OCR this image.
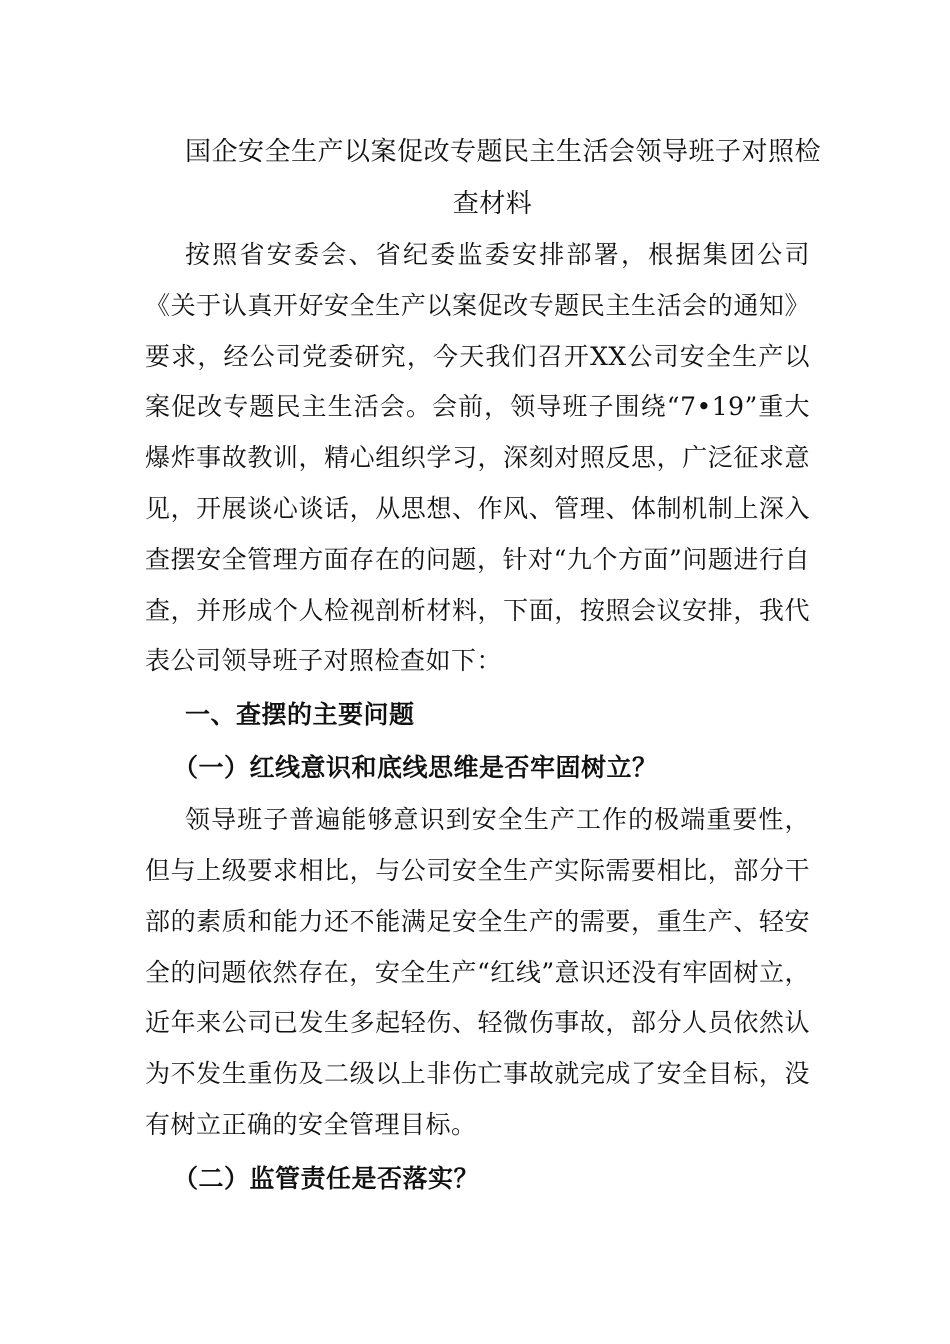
国企安全生产以案促改专题民主生活会领导班子对照检
查材料

按照省安委会、省纪委监委安排部署，根据集团公司《关于认真开好安全生产以案促改专题民主生活会的通知》要求，经公司党委研究，今天我们召开XX公司安全生产以案促改专题民主生活会。会前，领导班子围绕“7•19”重大爆炸事故教训，精心组织学习，深刻对照反思，广泛征求意见，开展谈心谈话，从思想、作风、管理、体制机制上深入查摆安全管理方面存在的问题，针对“九个方面”问题进行自查，并形成个人检视剖析材料，下面，按照会议安排，我代表公司领导班子对照检查如下：

一、查摆的主要问题

（一）红线意识和底线思维是否牢固树立？

领导班子普遍能够意识到安全生产工作的极端重要性，但与上级要求相比，与公司安全生产实际需要相比，部分干部的素质和能力还不能满足安全生产的需要，重生产、轻安全的问题依然存在，安全生产“红线”意识还没有牢固树立，近年来公司已发生多起轻伤、轻微伤事故，部分人员依然认为不发生重伤及二级以上非伤亡事故就完成了安全目标，没有树立正确的安全管理目标。

（二）监管责任是否落实？
